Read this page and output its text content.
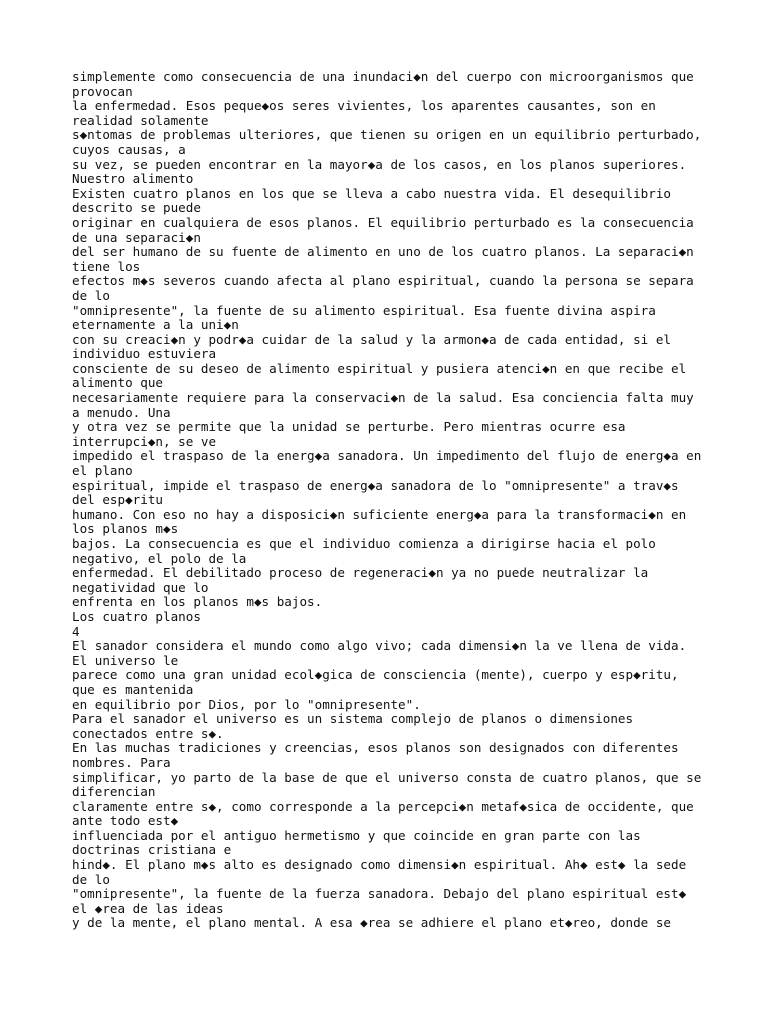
simplemente como consecuencia de una inundaci◆n del cuerpo con microorganismos que
provocan
la enfermedad. Esos peque◆os seres vivientes, los aparentes causantes, son en
realidad solamente
s◆ntomas de problemas ulteriores, que tienen su origen en un equilibrio perturbado,
cuyos causas, a
su vez, se pueden encontrar en la mayor◆a de los casos, en los planos superiores.
Nuestro alimento
Existen cuatro planos en los que se lleva a cabo nuestra vida. El desequilibrio
descrito se puede
originar en cualquiera de esos planos. El equilibrio perturbado es la consecuencia
de una separaci◆n
del ser humano de su fuente de alimento en uno de los cuatro planos. La separaci◆n
tiene los
efectos m◆s severos cuando afecta al plano espiritual, cuando la persona se separa
de lo
"omnipresente", la fuente de su alimento espiritual. Esa fuente divina aspira
eternamente a la uni◆n
con su creaci◆n y podr◆a cuidar de la salud y la armon◆a de cada entidad, si el
individuo estuviera
consciente de su deseo de alimento espiritual y pusiera atenci◆n en que recibe el
alimento que
necesariamente requiere para la conservaci◆n de la salud. Esa conciencia falta muy
a menudo. Una
y otra vez se permite que la unidad se perturbe. Pero mientras ocurre esa
interrupci◆n, se ve
impedido el traspaso de la energ◆a sanadora. Un impedimento del flujo de energ◆a en
el plano
espiritual, impide el traspaso de energ◆a sanadora de lo "omnipresente" a trav◆s
del esp◆ritu
humano. Con eso no hay a disposici◆n suficiente energ◆a para la transformaci◆n en
los planos m◆s
bajos. La consecuencia es que el individuo comienza a dirigirse hacia el polo
negativo, el polo de la
enfermedad. El debilitado proceso de regeneraci◆n ya no puede neutralizar la
negatividad que lo
enfrenta en los planos m◆s bajos.
Los cuatro planos
4
El sanador considera el mundo como algo vivo; cada dimensi◆n la ve llena de vida.
El universo le
parece como una gran unidad ecol◆gica de consciencia (mente), cuerpo y esp◆ritu,
que es mantenida
en equilibrio por Dios, por lo "omnipresente".
Para el sanador el universo es un sistema complejo de planos o dimensiones
conectados entre s◆.
En las muchas tradiciones y creencias, esos planos son designados con diferentes
nombres. Para
simplificar, yo parto de la base de que el universo consta de cuatro planos, que se
diferencian
claramente entre s◆, como corresponde a la percepci◆n metaf◆sica de occidente, que
ante todo est◆
influenciada por el antiguo hermetismo y que coincide en gran parte con las
doctrinas cristiana e
hind◆. El plano m◆s alto es designado como dimensi◆n espiritual. Ah◆ est◆ la sede
de lo
"omnipresente", la fuente de la fuerza sanadora. Debajo del plano espiritual est◆
el ◆rea de las ideas
y de la mente, el plano mental. A esa ◆rea se adhiere el plano et◆reo, donde se
